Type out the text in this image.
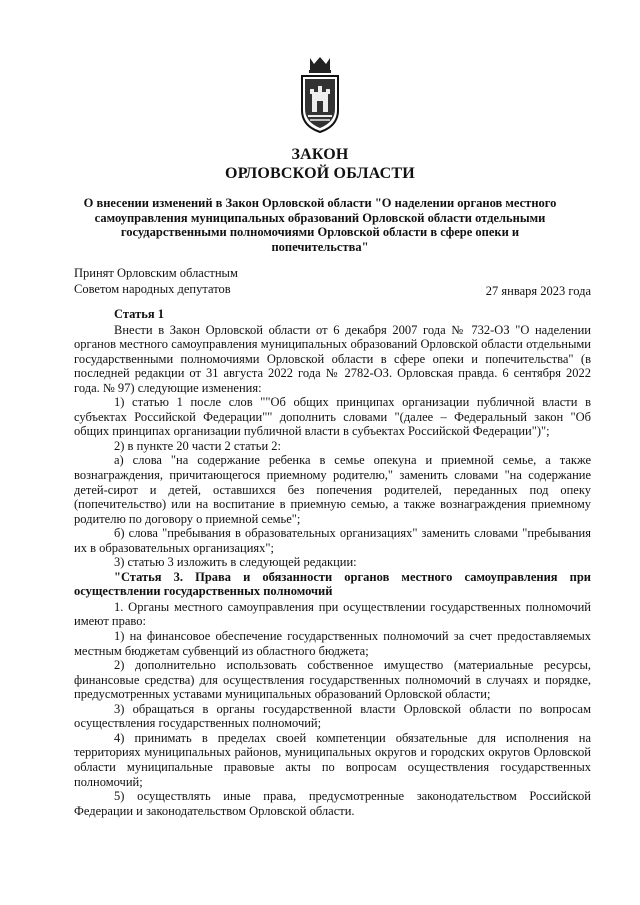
ЗАКОН
ОРЛОВСКОЙ ОБЛАСТИ
О внесении изменений в Закон Орловской области "О наделении органов местного самоуправления муниципальных образований Орловской области отдельными государственными полномочиями Орловской области в сфере опеки и попечительства"
Принят Орловским областным
Советом народных депутатов	27 января 2023 года

Статья 1

Внести в Закон Орловской области от 6 декабря 2007 года № 732-ОЗ "О наделении органов местного самоуправления муниципальных образований Орловской области отдельными государственными полномочиями Орловской области в сфере опеки и попечительства" (в последней редакции от 31 августа 2022 года № 2782-ОЗ. Орловская правда. 6 сентября 2022 года. № 97) следующие изменения:

1) статью 1 после слов ""Об общих принципах организации публичной власти в субъектах Российской Федерации"" дополнить словами "(далее – Федеральный закон "Об общих принципах организации публичной власти в субъектах Российской Федерации")";

2) в пункте 20 части 2 статьи 2:

а) слова "на содержание ребенка в семье опекуна и приемной семье, а также вознаграждения, причитающегося приемному родителю," заменить словами "на содержание детей-сирот и детей, оставшихся без попечения родителей, переданных под опеку (попечительство) или на воспитание в приемную семью, а также вознаграждения приемному родителю по договору о приемной семье";

б) слова "пребывания в образовательных организациях" заменить словами "пребывания их в образовательных организациях";

3) статью 3 изложить в следующей редакции:

"Статья 3. Права и обязанности органов местного самоуправления при осуществлении государственных полномочий

1. Органы местного самоуправления при осуществлении государственных полномочий имеют право:

1) на финансовое обеспечение государственных полномочий за счет предоставляемых местным бюджетам субвенций из областного бюджета;

2) дополнительно использовать собственное имущество (материальные ресурсы, финансовые средства) для осуществления государственных полномочий в случаях и порядке, предусмотренных уставами муниципальных образований Орловской области;

3) обращаться в органы государственной власти Орловской области по вопросам осуществления государственных полномочий;

4) принимать в пределах своей компетенции обязательные для исполнения на территориях муниципальных районов, муниципальных округов и городских округов Орловской области муниципальные правовые акты по вопросам осуществления государственных полномочий;

5) осуществлять иные права, предусмотренные законодательством Российской Федерации и законодательством Орловской области.
